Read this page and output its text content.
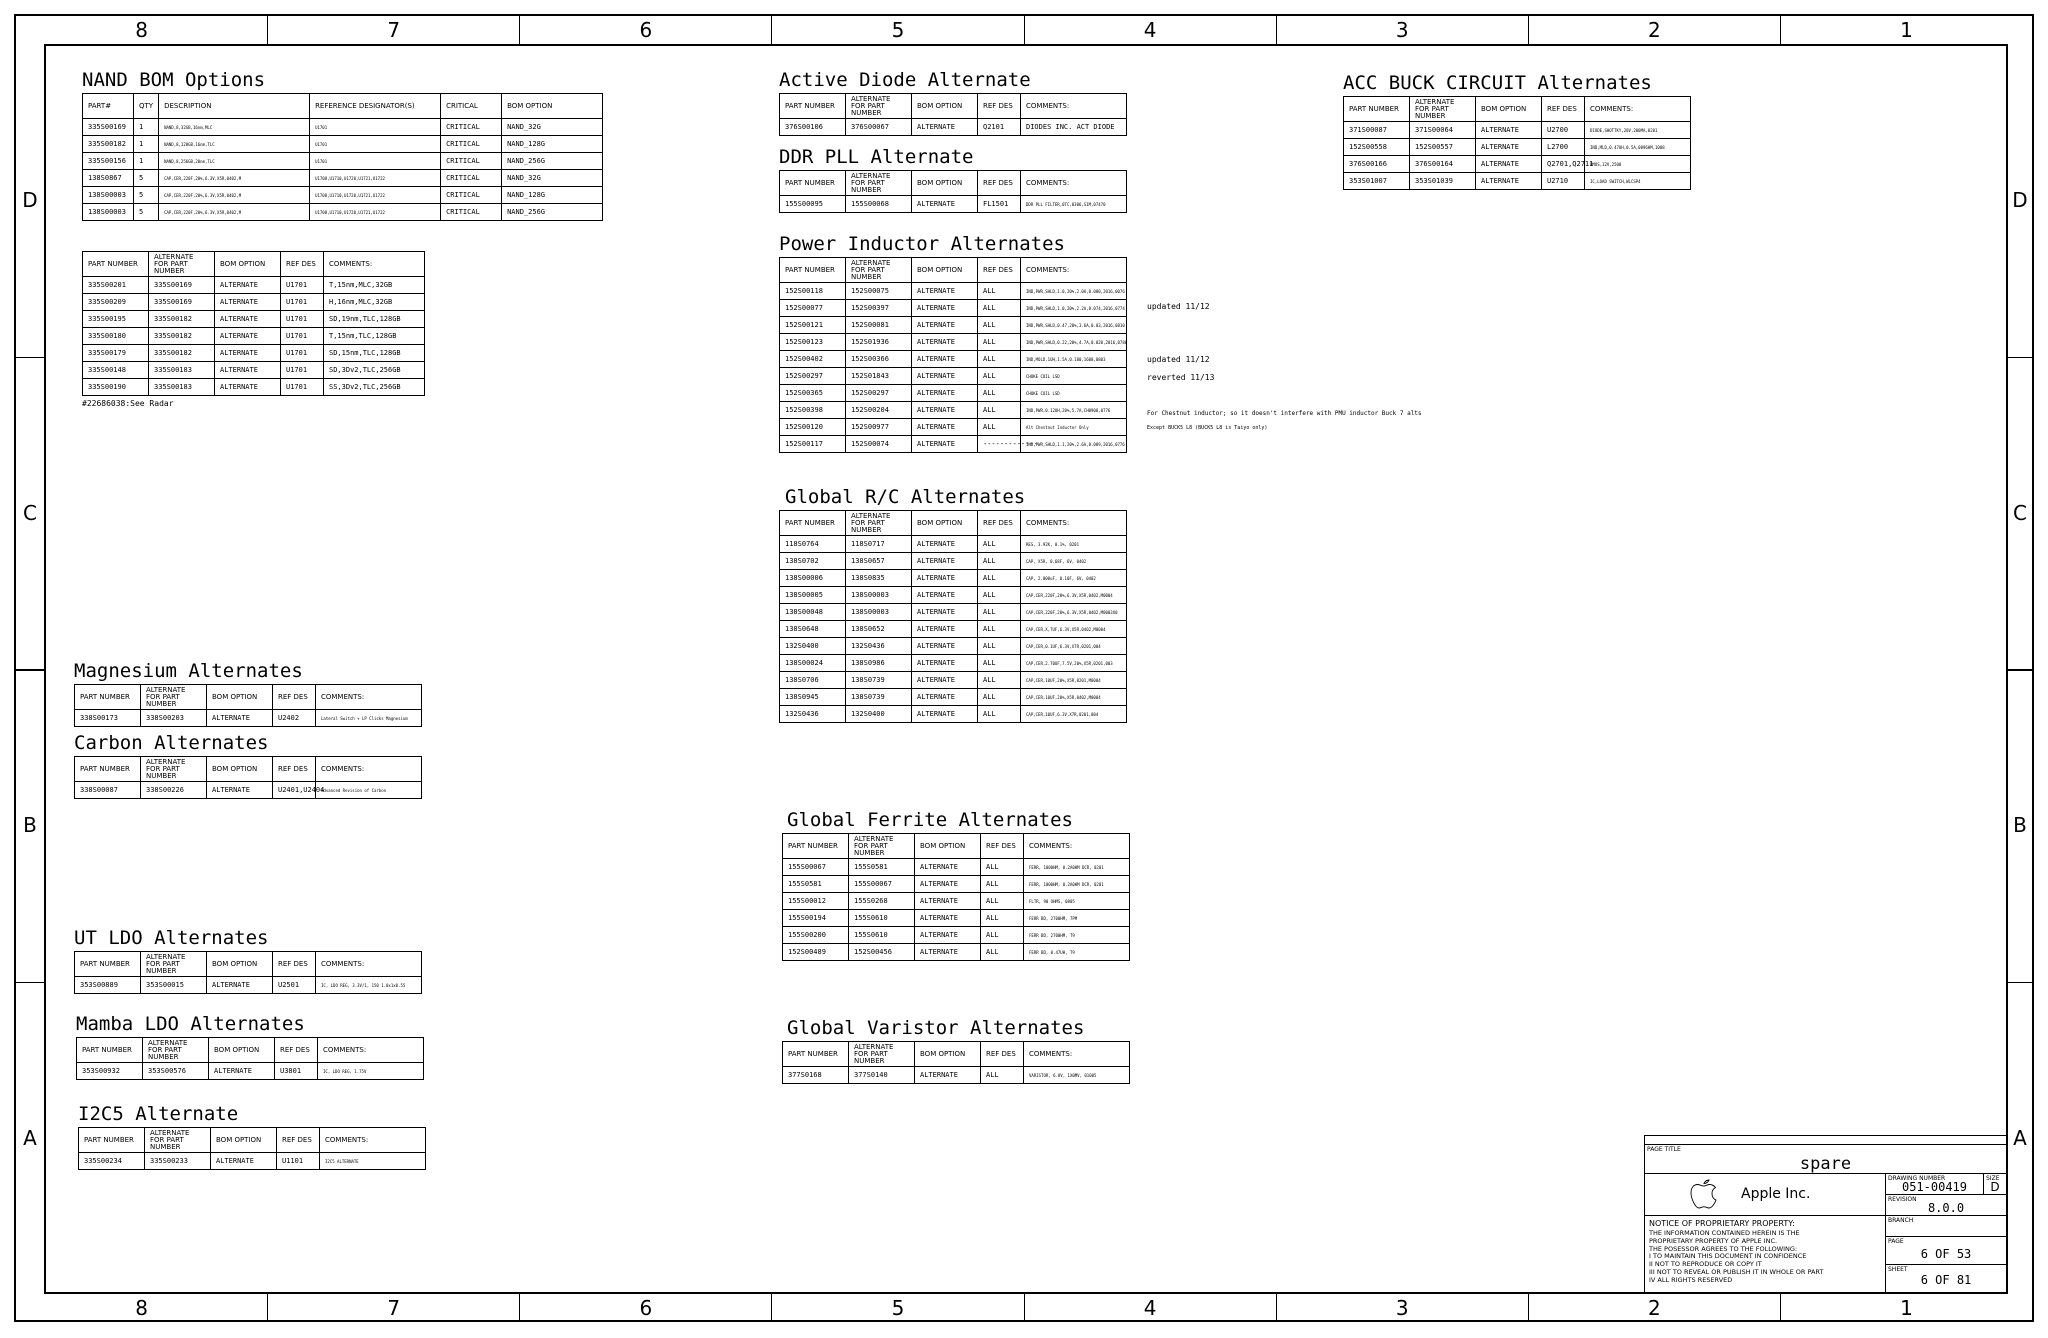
8	7	6	5	4	3	2	1
8	7	6	5	4	3	2	1
D
C
B
A
D
C
B
A
NAND BOM Options
PART#	QTY	DESCRIPTION	REFERENCE DESIGNATOR(S)	CRITICAL	BOM OPTION
335S00169	1	NAND,8,32GB,16nm,MLC	U1701	CRITICAL	NAND_32G
335S00182	1	NAND,8,128GB,16nm,TLC	U1701	CRITICAL	NAND_128G
335S00156	1	NAND,8,256GB,20nm,TLC	U1701	CRITICAL	NAND_256G
138S0867	5	CAP,CER,220F,20%,6.3V,X5R,0402,M	U1708,U1710,U1720,U1721,U1722	CRITICAL	NAND_32G
138S00003	5	CAP,CER,220F,20%,6.3V,X5R,0402,M	U1708,U1710,U1720,U1721,U1722	CRITICAL	NAND_128G
138S00003	5	CAP,CER,220F,20%,6.3V,X5R,0402,M	U1708,U1710,U1720,U1721,U1722	CRITICAL	NAND_256G
PART NUMBER	ALTERNATE FOR PART NUMBER	BOM OPTION	REF DES	COMMENTS:
335S00201	335S00169	ALTERNATE	U1701	T,15nm,MLC,32GB
335S00209	335S00169	ALTERNATE	U1701	H,16nm,MLC,32GB
335S00195	335S00182	ALTERNATE	U1701	SD,19nm,TLC,128GB
335S00180	335S00182	ALTERNATE	U1701	T,15nm,TLC,128GB
335S00179	335S00182	ALTERNATE	U1701	SD,15nm,TLC,128GB
335S00148	335S00183	ALTERNATE	U1701	SD,3Dv2,TLC,256GB
335S00190	335S00183	ALTERNATE	U1701	SS,3Dv2,TLC,256GB
#22686038:See Radar
Magnesium Alternates
PART NUMBER	ALTERNATE FOR PART NUMBER	BOM OPTION	REF DES	COMMENTS:
338S00173	338S00203	ALTERNATE	U2402	Lateral Switch + LP Clicks Magnesium
Carbon Alternates
PART NUMBER	ALTERNATE FOR PART NUMBER	BOM OPTION	REF DES	COMMENTS:
338S00087	338S00226	ALTERNATE	U2401,U2404	Advanced Revision of Carbon
UT LDO Alternates
PART NUMBER	ALTERNATE FOR PART NUMBER	BOM OPTION	REF DES	COMMENTS:
353S00889	353S00015	ALTERNATE	U2501	IC, LDO REG, 3.3V/1, 150 1.0x1x0.55
Mamba LDO Alternates
PART NUMBER	ALTERNATE FOR PART NUMBER	BOM OPTION	REF DES	COMMENTS:
353S00932	353S00576	ALTERNATE	U3801	IC, LDO REG, 1.75V
I2C5 Alternate
PART NUMBER	ALTERNATE FOR PART NUMBER	BOM OPTION	REF DES	COMMENTS:
335S00234	335S00233	ALTERNATE	U1101	I2C5 ALTERNATE
Active Diode Alternate
PART NUMBER	ALTERNATE FOR PART NUMBER	BOM OPTION	REF DES	COMMENTS:
376S00106	376S00067	ALTERNATE	Q2101	DIODES INC. ACT DIODE
DDR PLL Alternate
PART NUMBER	ALTERNATE FOR PART NUMBER	BOM OPTION	REF DES	COMMENTS:
155S00095	155S00068	ALTERNATE	FL1501	DDR PLL FILTER,0TC,0306,SIM,07470
Power Inductor Alternates
PART NUMBER	ALTERNATE FOR PART NUMBER	BOM OPTION	REF DES	COMMENTS:
152S00118	152S00075	ALTERNATE	ALL	IND,PWR,SHLD,1.0,20%,2.0A,0.080,2016,0076
152S00077	152S00397	ALTERNATE	ALL	IND,PWR,SHLD,1.0,20%,2.2A,0.074,2016,0774
152S00121	152S00081	ALTERNATE	ALL	IND,PWR,SHLD,0.47,20%,3.6A,0.03,2016,0810
152S00123	152S01936	ALTERNATE	ALL	IND,PWR,SHLD,0.22,20%,4.7A,0.020,2016,0780
152S00402	152S00366	ALTERNATE	ALL	IND,MOLD,1UH,1.5A,0.180,1608,0803
152S00297	152S01843	ALTERNATE	ALL	CHOKE COIL LSD
152S00365	152S00297	ALTERNATE	ALL	CHOKE COIL LSD
152S00398	152S00204	ALTERNATE	ALL	IND,PWR,0.12UH,20%,5.7A,CH0908,0776
152S00120	152S00977	ALTERNATE	ALL	Alt Chestnut Inductor Only
152S00117	152S00074	ALTERNATE	-------------	IND,PWR,SHLD,1.1,20%,2.6A,0.089,2016,0776
updated 11/12
updated 11/12
reverted 11/13
For Chestnut inductor; so it doesn't interfere with PMU inductor Buck 7 alts
Except BUCK5 L8 (BUCK5 L8 is Taiyo only)
Global R/C Alternates
PART NUMBER	ALTERNATE FOR PART NUMBER	BOM OPTION	REF DES	COMMENTS:
118S0764	118S0717	ALTERNATE	ALL	RES, 3.92K, 0.1%, 0201
138S0702	138S0657	ALTERNATE	ALL	CAP, X5R, 0.68F, 6V, 0402
138S00006	138S0835	ALTERNATE	ALL	CAP, 2.000uF, 0.10F, 6V, 0402
138S00005	138S00003	ALTERNATE	ALL	CAP,CER,220F,20%,6.3V,X5R,0402,M0004
138S00048	138S00003	ALTERNATE	ALL	CAP,CER,220F,20%,6.3V,X5R,0402,M0003X0
138S0648	138S0652	ALTERNATE	ALL	CAP,CER,X,7UF,6.3V,X5R,0402,M0004
132S0400	132S0436	ALTERNATE	ALL	CAP,CER,0.1UF,6.3V,X7R,0201,004
138S00024	138S0986	ALTERNATE	ALL	CAP,CER,2.70UF,7.5V,20%,X5R,0201,003
138S0706	138S0739	ALTERNATE	ALL	CAP,CER,10UF,20%,X5R,0201,M0004
138S0945	138S0739	ALTERNATE	ALL	CAP,CER,10UF,20%,X5R,0402,M0004
132S0436	132S0400	ALTERNATE	ALL	CAP,CER,10UF,6.3V,X7R,0201,004
Global Ferrite Alternates
PART NUMBER	ALTERNATE FOR PART NUMBER	BOM OPTION	REF DES	COMMENTS:
155S00067	155S0581	ALTERNATE	ALL	FERR, 1000HM, 0.2A0HM DCR, 0201
155S0581	155S00067	ALTERNATE	ALL	FERR, 1000HM, 0.2A0HM DCR, 0201
155S00012	155S0268	ALTERNATE	ALL	FLTR, 90 OHMS, 0805
155S00194	155S0610	ALTERNATE	ALL	FERR BD, 2700HM, 7PM
155S00200	155S0610	ALTERNATE	ALL	FERR BD, 2700HM, T9
152S00489	152S00456	ALTERNATE	ALL	FERR BD, 0.47UH, T9
Global Varistor Alternates
PART NUMBER	ALTERNATE FOR PART NUMBER	BOM OPTION	REF DES	COMMENTS:
377S0168	377S0140	ALTERNATE	ALL	VARISTOR, 6.8V, 1X0MV, 01005
ACC BUCK CIRCUIT Alternates
PART NUMBER	ALTERNATE FOR PART NUMBER	BOM OPTION	REF DES	COMMENTS:
371S00087	371S00064	ALTERNATE	U2700	DIODE,SHOTTKY,20V,200MA,0201
152S00558	152S00557	ALTERNATE	L2700	IND,MLD,0.47UH,0.5A,0096HM,1008
376S00166	376S00164	ALTERNATE	Q2701,Q2711	PMOS,12V,2508
353S01007	353S01039	ALTERNATE	U2710	IC,LOAD SWITCH,WLCSP4
PAGE TITLE
spare
Apple Inc.
DRAWING NUMBER
051-00419
SIZE
D
REVISION
8.0.0
NOTICE OF PROPRIETARY PROPERTY:
THE INFORMATION CONTAINED HEREIN IS THE
PROPRIETARY PROPERTY OF APPLE INC.
THE POSESSOR AGREES TO THE FOLLOWING:
I TO MAINTAIN THIS DOCUMENT IN CONFIDENCE
II NOT TO REPRODUCE OR COPY IT
III NOT TO REVEAL OR PUBLISH IT IN WHOLE OR PART
IV ALL RIGHTS RESERVED
BRANCH
PAGE
6 OF 53
SHEET
6 OF 81
